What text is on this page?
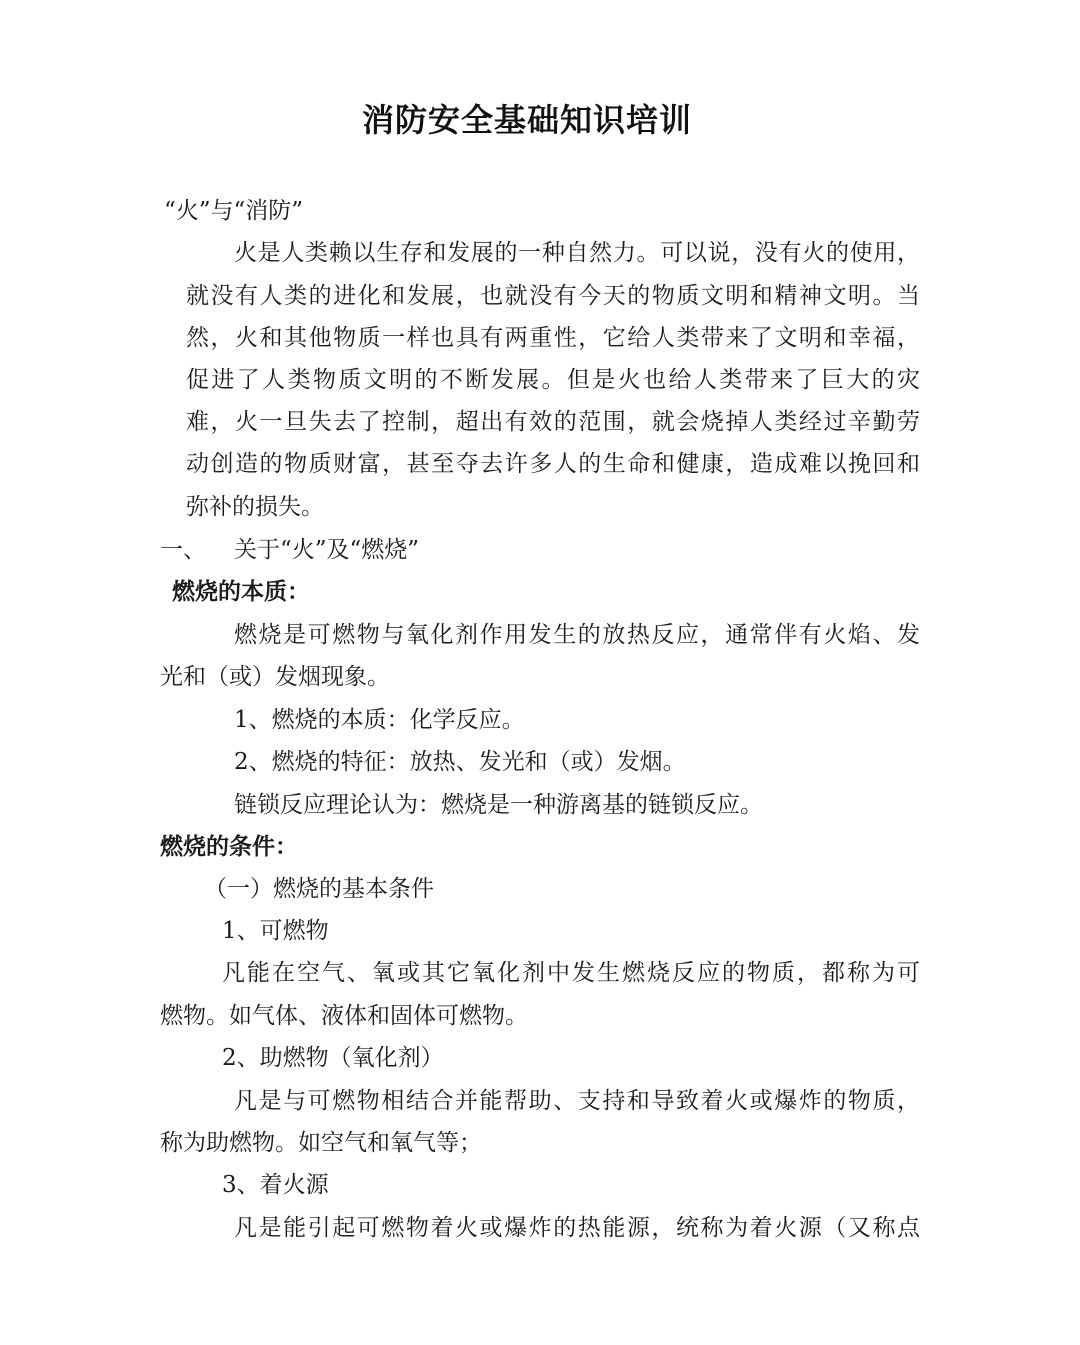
消防安全基础知识培训
“火”与“消防”
火是人类赖以生存和发展的一种自然力。可以说，没有火的使用，
就没有人类的进化和发展，也就没有今天的物质文明和精神文明。当
然，火和其他物质一样也具有两重性，它给人类带来了文明和幸福，
促进了人类物质文明的不断发展。但是火也给人类带来了巨大的灾
难，火一旦失去了控制，超出有效的范围，就会烧掉人类经过辛勤劳
动创造的物质财富，甚至夺去许多人的生命和健康，造成难以挽回和
弥补的损失。
一、 关于“火”及“燃烧”
燃烧的本质：
燃烧是可燃物与氧化剂作用发生的放热反应，通常伴有火焰、发
光和（或）发烟现象。
1、燃烧的本质：化学反应。
2、燃烧的特征：放热、发光和（或）发烟。
链锁反应理论认为：燃烧是一种游离基的链锁反应。
燃烧的条件：
（一）燃烧的基本条件
1、可燃物
凡能在空气、氧或其它氧化剂中发生燃烧反应的物质，都称为可
燃物。如气体、液体和固体可燃物。
2、助燃物（氧化剂）
凡是与可燃物相结合并能帮助、支持和导致着火或爆炸的物质，
称为助燃物。如空气和氧气等；
3、着火源
凡是能引起可燃物着火或爆炸的热能源，统称为着火源（又称点
